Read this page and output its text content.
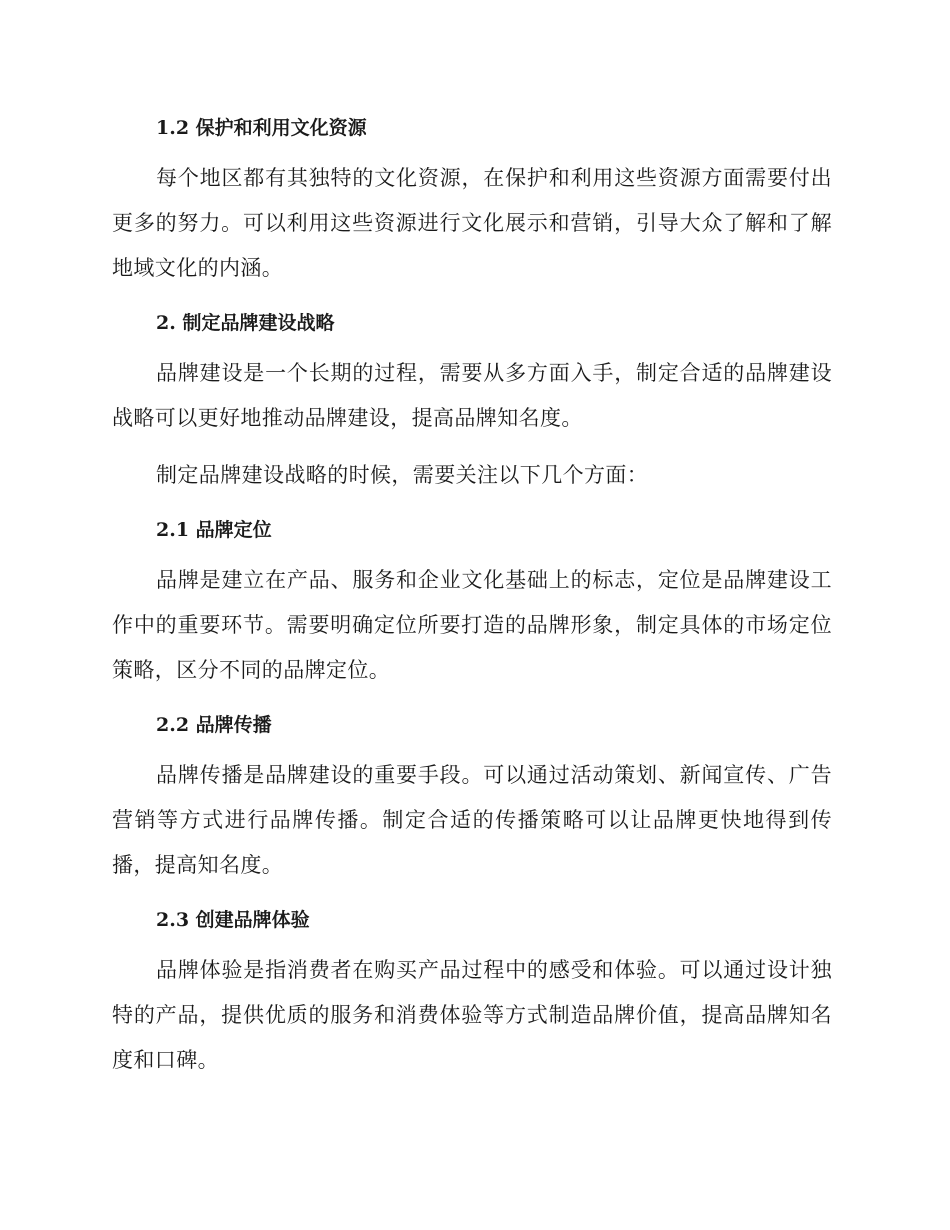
1.2 保护和利用文化资源

每个地区都有其独特的文化资源，在保护和利用这些资源方面需要付出更多的努力。可以利用这些资源进行文化展示和营销，引导大众了解和了解地域文化的内涵。

2. 制定品牌建设战略

品牌建设是一个长期的过程，需要从多方面入手，制定合适的品牌建设战略可以更好地推动品牌建设，提高品牌知名度。

制定品牌建设战略的时候，需要关注以下几个方面：

2.1 品牌定位

品牌是建立在产品、服务和企业文化基础上的标志，定位是品牌建设工作中的重要环节。需要明确定位所要打造的品牌形象，制定具体的市场定位策略，区分不同的品牌定位。

2.2 品牌传播

品牌传播是品牌建设的重要手段。可以通过活动策划、新闻宣传、广告营销等方式进行品牌传播。制定合适的传播策略可以让品牌更快地得到传播，提高知名度。

2.3 创建品牌体验

品牌体验是指消费者在购买产品过程中的感受和体验。可以通过设计独特的产品，提供优质的服务和消费体验等方式制造品牌价值，提高品牌知名度和口碑。
